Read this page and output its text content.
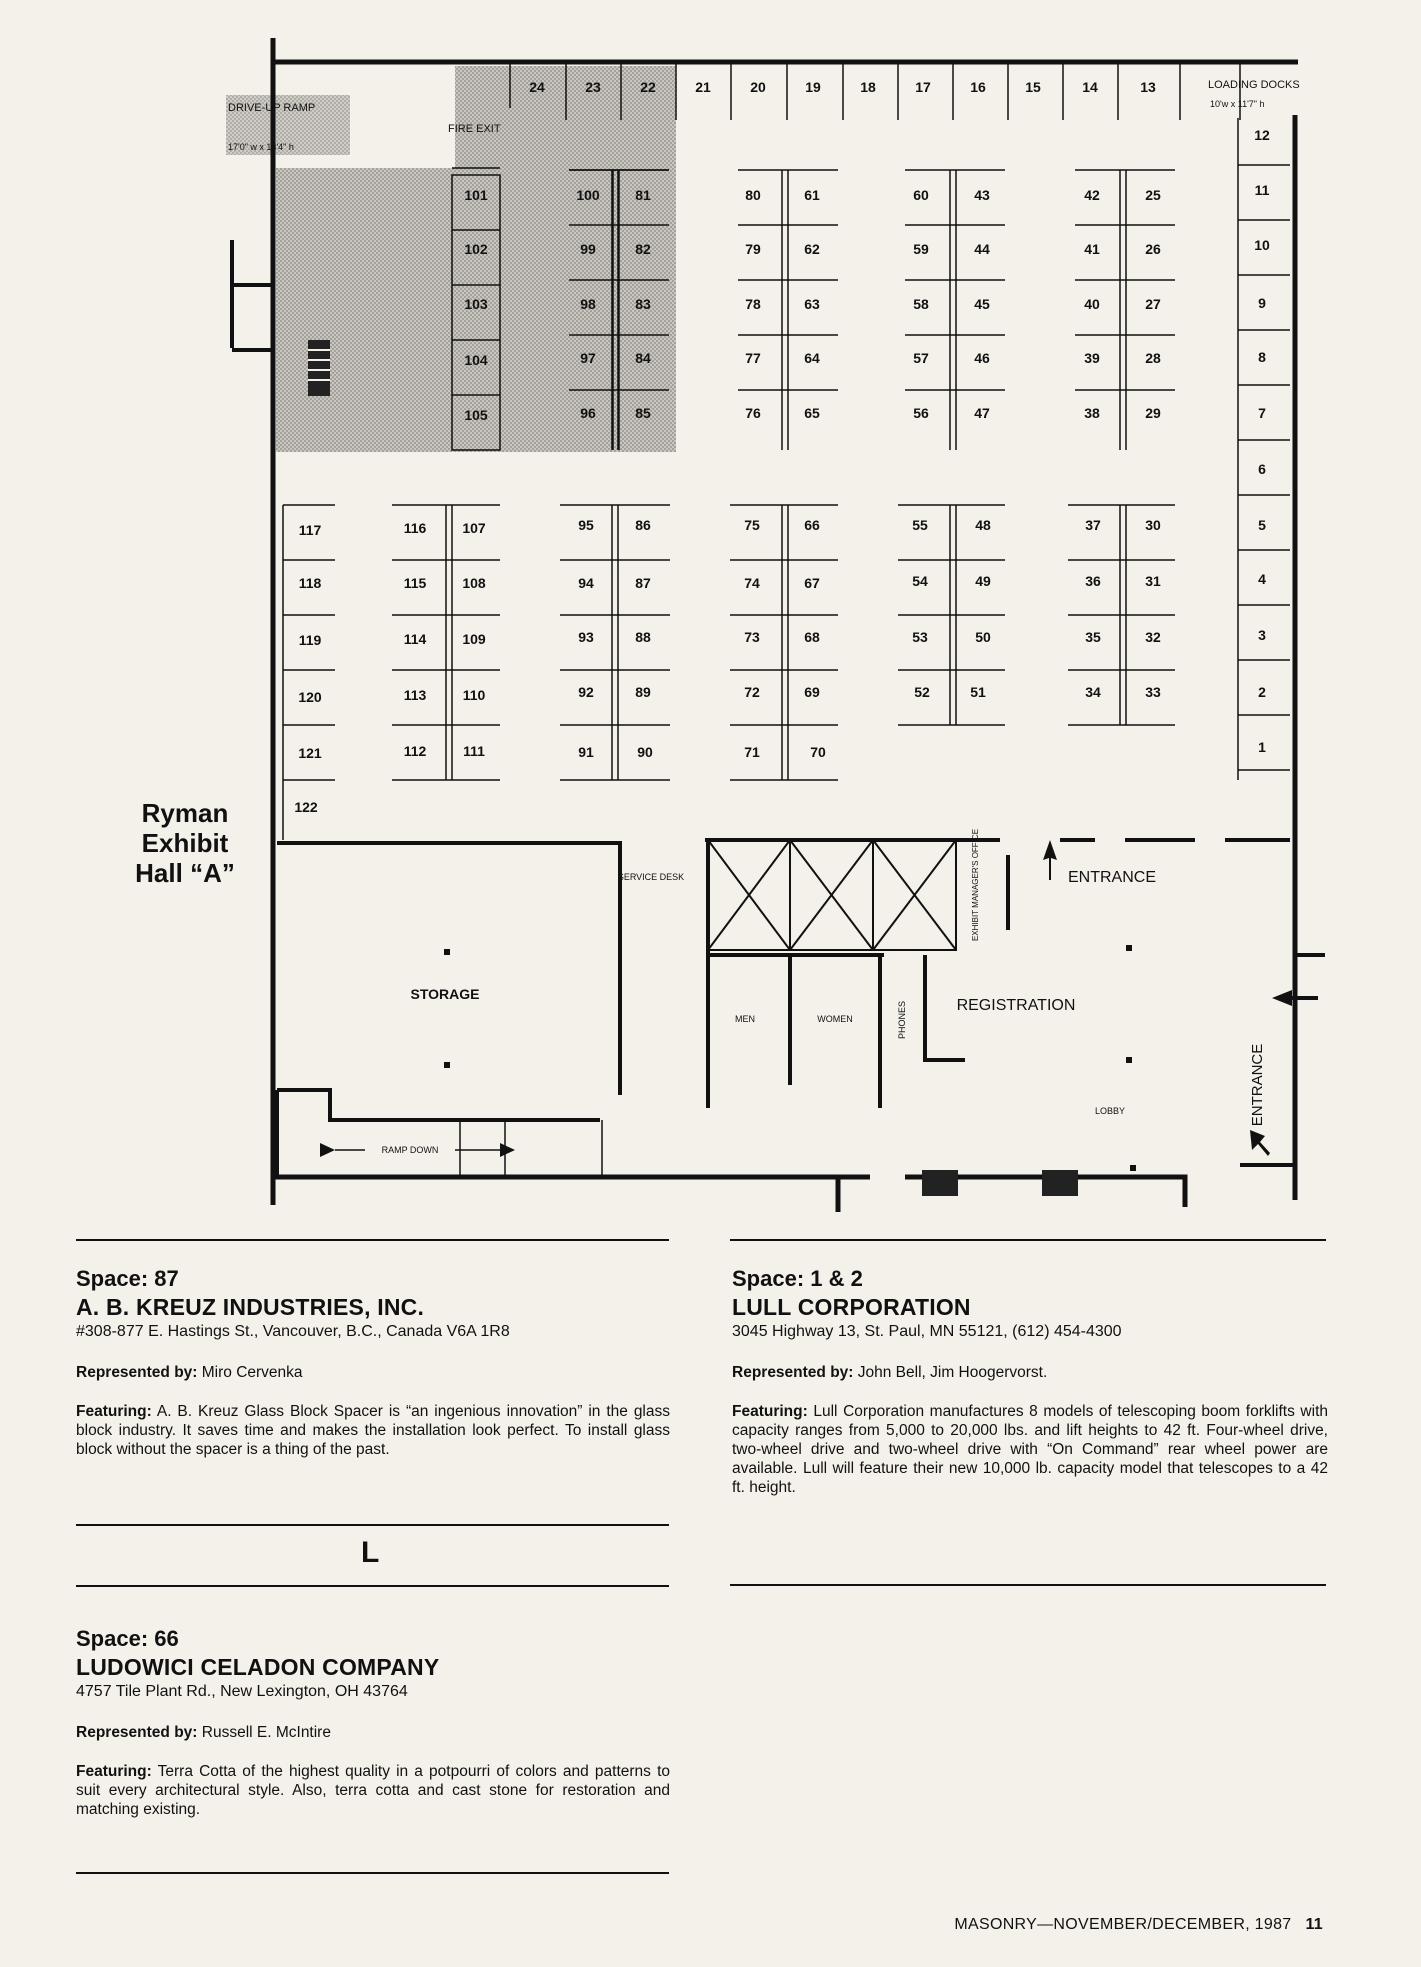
24	23	22	21	20	19	18	17	16	15	14	13
12
11
10
9
8
7
6
5
4
3
2
1
101	100	81	80	61	60	43	42	25
102	99	82	79	62	59	44	41	26
103	98	83	78	63	58	45	40	27
104	97	84	77	64	57	46	39	28
105	96	85	76	65	56	47	38	29
117	116	107	95	86	75	66	55	48	37	30
118	115	108	94	87	74	67	54	49	36	31
119	114	109	93	88	73	68	53	50	35	32
120	113	110	92	89	72	69	52	51	34	33
121	112	111	91	90	71	70
122
DRIVE-UP RAMP
17'0" w x 13'4" h
FIRE EXIT
LOADING DOCKS
10'w x 11'7" h
STORAGE
SERVICE DESK
MEN	WOMEN	PHONES	REGISTRATION
LOBBY
ENTRANCE
ENTRANCE
EXHIBIT MANAGER'S OFFICE
RAMP DOWN
Ryman
Exhibit
Hall “A”

Space: 87

A. B. KREUZ INDUSTRIES, INC.

#308-877 E. Hastings St., Vancouver, B.C., Canada V6A 1R8

Represented by: Miro Cervenka

Featuring: A. B. Kreuz Glass Block Spacer is “an ingenious innovation” in the glass block industry. It saves time and makes the installation look perfect. To install glass block without the spacer is a thing of the past.

L

Space: 66

LUDOWICI CELADON COMPANY

4757 Tile Plant Rd., New Lexington, OH 43764

Represented by: Russell E. McIntire

Featuring: Terra Cotta of the highest quality in a potpourri of colors and patterns to suit every architectural style. Also, terra cotta and cast stone for restoration and matching existing.

Space: 1 & 2

LULL CORPORATION

3045 Highway 13, St. Paul, MN 55121, (612) 454-4300

Represented by: John Bell, Jim Hoogervorst.

Featuring: Lull Corporation manufactures 8 models of telescoping boom forklifts with capacity ranges from 5,000 to 20,000 lbs. and lift heights to 42 ft. Four-wheel drive, two-wheel drive and two-wheel drive with “On Command” rear wheel power are available. Lull will feature their new 10,000 lb. capacity model that telescopes to a 42 ft. height.

MASONRY—NOVEMBER/DECEMBER, 1987 11
